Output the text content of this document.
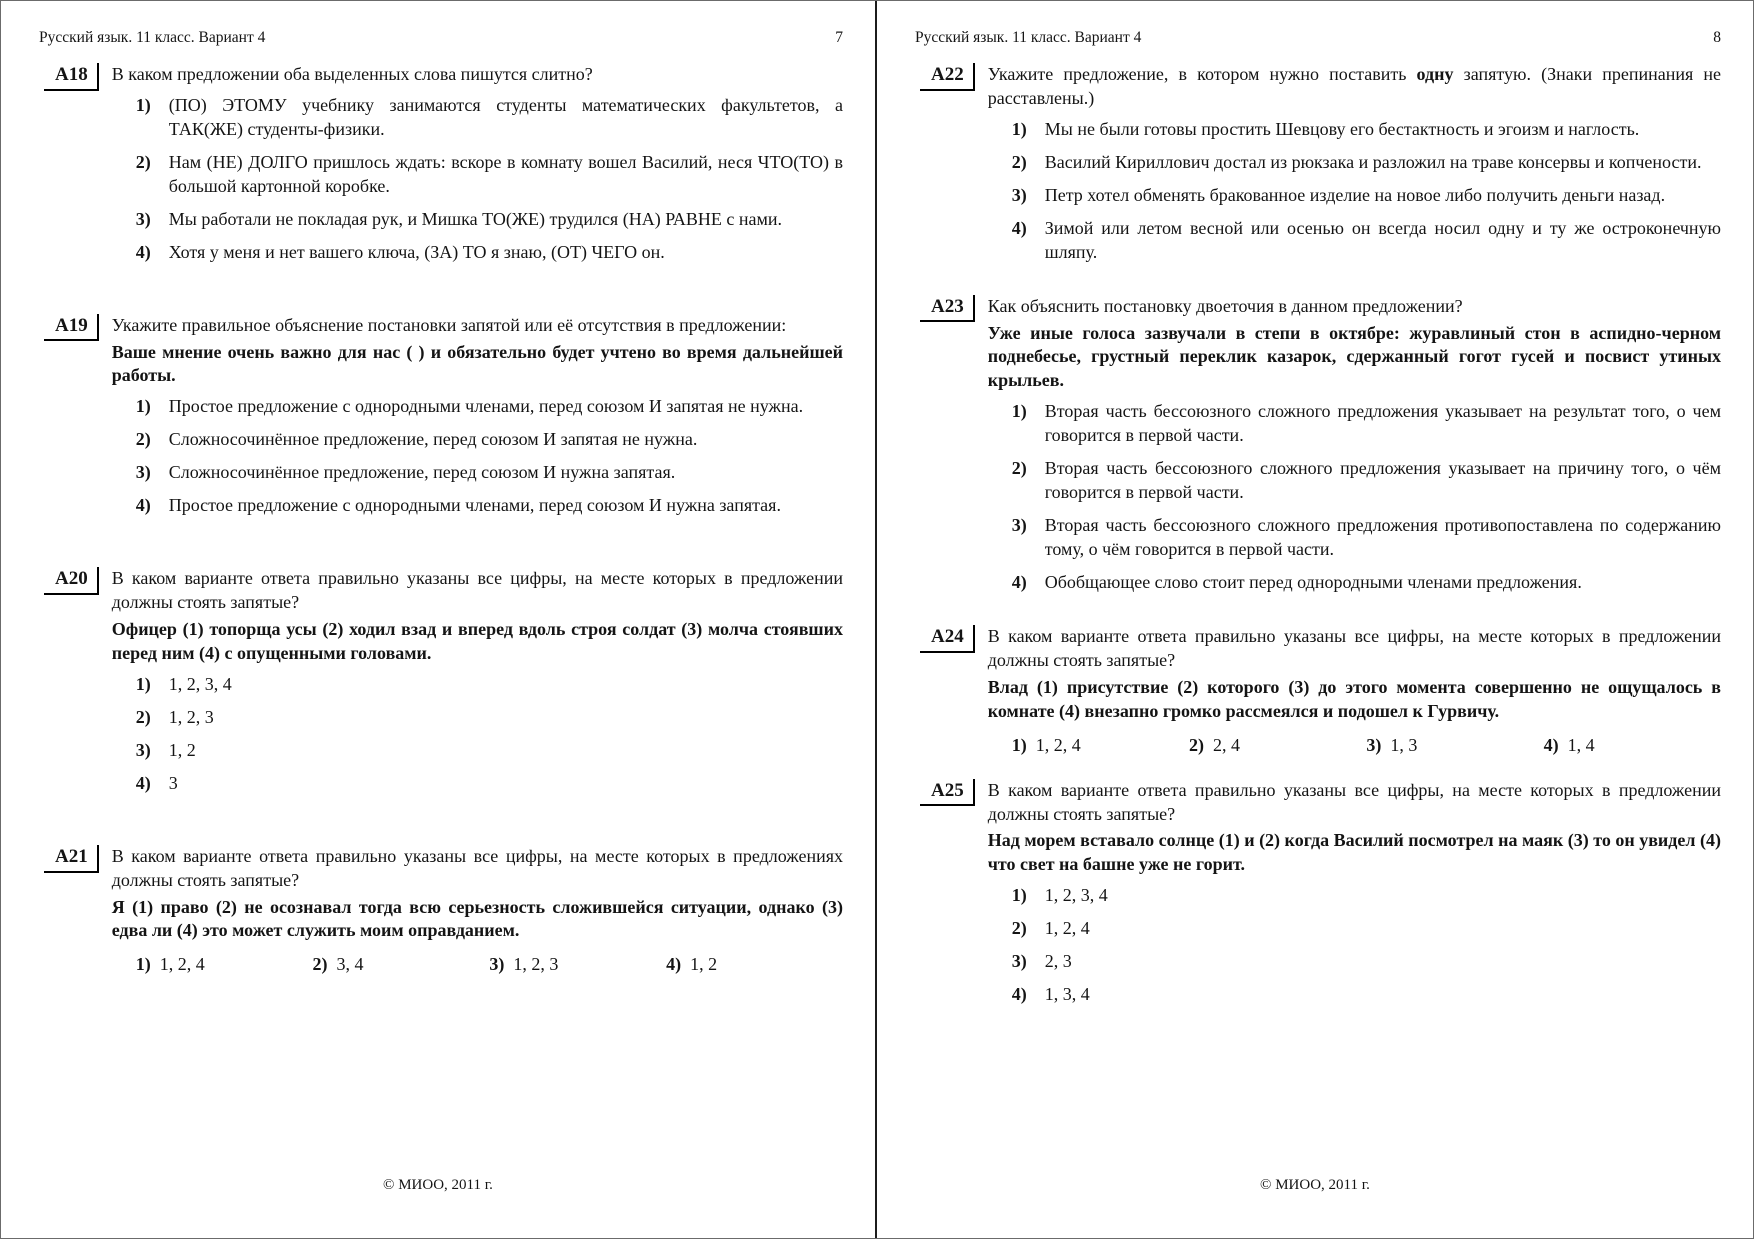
Русский язык. 11 класс. Вариант 4	7
А18	В каком предложении оба выделенных слова пишутся слитно?
1)	(ПО) ЭТОМУ учебнику занимаются студенты математических факультетов, а ТАК(ЖЕ) студенты-физики.
2)	Нам (НЕ) ДОЛГО пришлось ждать: вскоре в комнату вошел Василий, неся ЧТО(ТО) в большой картонной коробке.
3)	Мы работали не покладая рук, и Мишка ТО(ЖЕ) трудился (НА) РАВНЕ с нами.
4)	Хотя у меня и нет вашего ключа, (ЗА) ТО я знаю, (ОТ) ЧЕГО он.
А19	Укажите правильное объяснение постановки запятой или её отсутствия в предложении:
Ваше мнение очень важно для нас ( ) и обязательно будет учтено во время дальнейшей работы.
1)	Простое предложение с однородными членами, перед союзом И запятая не нужна.
2)	Сложносочинённое предложение, перед союзом И запятая не нужна.
3)	Сложносочинённое предложение, перед союзом И нужна запятая.
4)	Простое предложение с однородными членами, перед союзом И нужна запятая.
А20	В каком варианте ответа правильно указаны все цифры, на месте которых в предложении должны стоять запятые?
Офицер (1) топорща усы (2) ходил взад и вперед вдоль строя солдат (3) молча стоявших перед ним (4) с опущенными головами.
1)	1, 2, 3, 4
2)	1, 2, 3
3)	1, 2
4)	3
А21	В каком варианте ответа правильно указаны все цифры, на месте которых в предложениях должны стоять запятые?
Я (1) право (2) не осознавал тогда всю серьезность сложившейся ситуации, однако (3) едва ли (4) это может служить моим оправданием.
1) 1, 2, 4	2) 3, 4	3) 1, 2, 3	4) 1, 2
© МИОО, 2011 г.
Русский язык. 11 класс. Вариант 4	8
А22	Укажите предложение, в котором нужно поставить одну запятую. (Знаки препинания не расставлены.)
1)	Мы не были готовы простить Шевцову его бестактность и эгоизм и наглость.
2)	Василий Кириллович достал из рюкзака и разложил на траве консервы и копчености.
3)	Петр хотел обменять бракованное изделие на новое либо получить деньги назад.
4)	Зимой или летом весной или осенью он всегда носил одну и ту же остроконечную шляпу.
А23	Как объяснить постановку двоеточия в данном предложении?
Уже иные голоса зазвучали в степи в октябре: журавлиный стон в аспидно-черном поднебесье, грустный переклик казарок, сдержанный гогот гусей и посвист утиных крыльев.
1)	Вторая часть бессоюзного сложного предложения указывает на результат того, о чем говорится в первой части.
2)	Вторая часть бессоюзного сложного предложения указывает на причину того, о чём говорится в первой части.
3)	Вторая часть бессоюзного сложного предложения противопоставлена по содержанию тому, о чём говорится в первой части.
4)	Обобщающее слово стоит перед однородными членами предложения.
А24	В каком варианте ответа правильно указаны все цифры, на месте которых в предложении должны стоять запятые?
Влад (1) присутствие (2) которого (3) до этого момента совершенно не ощущалось в комнате (4) внезапно громко рассмеялся и подошел к Гурвичу.
1) 1, 2, 4	2) 2, 4	3) 1, 3	4) 1, 4
А25	В каком варианте ответа правильно указаны все цифры, на месте которых в предложении должны стоять запятые?
Над морем вставало солнце (1) и (2) когда Василий посмотрел на маяк (3) то он увидел (4) что свет на башне уже не горит.
1)	1, 2, 3, 4
2)	1, 2, 4
3)	2, 3
4)	1, 3, 4
© МИОО, 2011 г.
